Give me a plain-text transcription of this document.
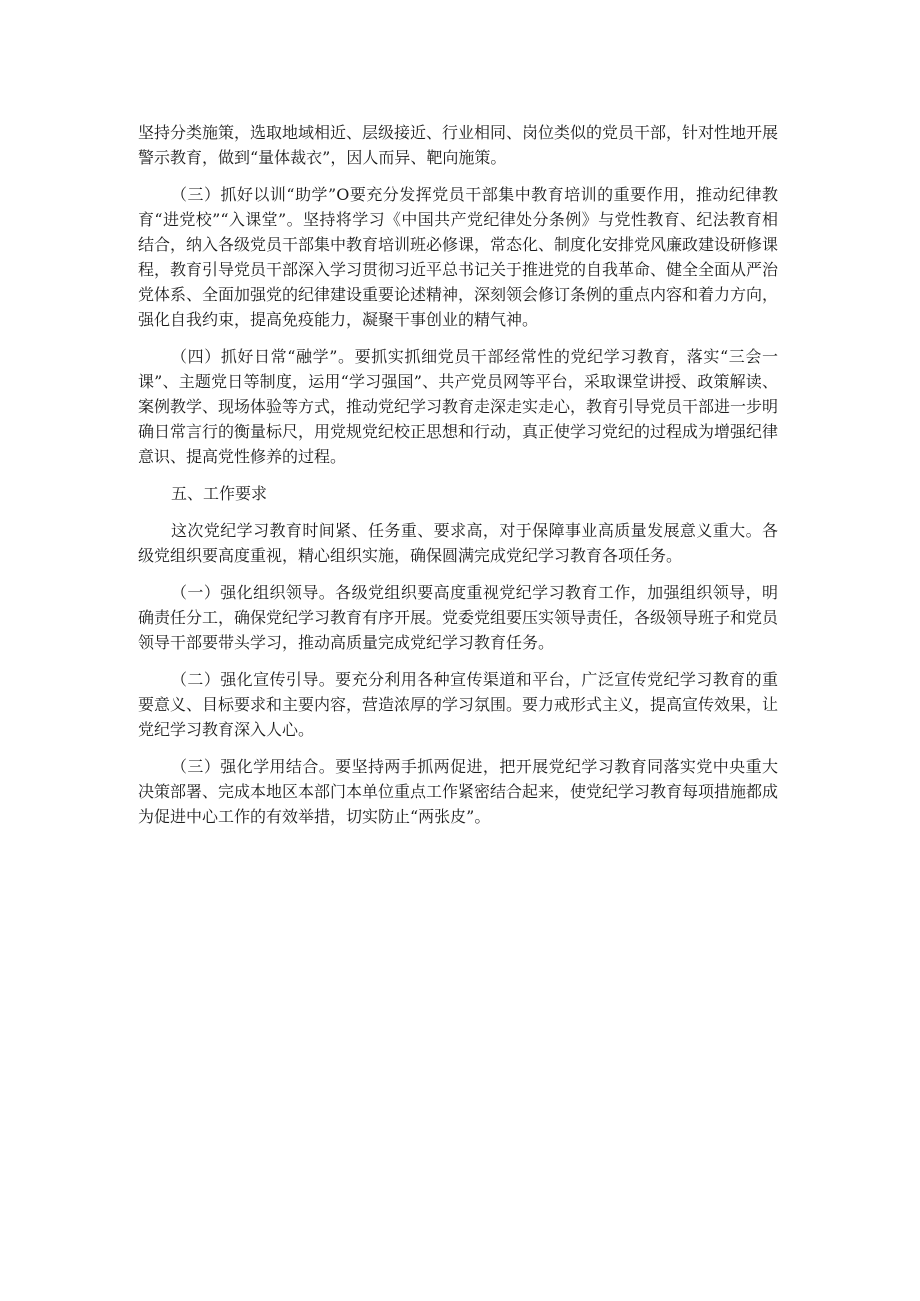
坚持分类施策，选取地域相近、层级接近、行业相同、岗位类似的党员干部，针对性地开展警示教育，做到“量体裁衣”，因人而异、靶向施策。

（三）抓好以训“助学”O要充分发挥党员干部集中教育培训的重要作用，推动纪律教育“进党校”“入课堂”。坚持将学习《中国共产党纪律处分条例》与党性教育、纪法教育相结合，纳入各级党员干部集中教育培训班必修课，常态化、制度化安排党风廉政建设研修课程，教育引导党员干部深入学习贯彻习近平总书记关于推进党的自我革命、健全全面从严治党体系、全面加强党的纪律建设重要论述精神，深刻领会修订条例的重点内容和着力方向，强化自我约束，提高免疫能力，凝聚干事创业的精气神。

（四）抓好日常“融学”。要抓实抓细党员干部经常性的党纪学习教育，落实“三会一课”、主题党日等制度，运用“学习强国”、共产党员网等平台，采取课堂讲授、政策解读、案例教学、现场体验等方式，推动党纪学习教育走深走实走心，教育引导党员干部进一步明确日常言行的衡量标尺，用党规党纪校正思想和行动，真正使学习党纪的过程成为增强纪律意识、提高党性修养的过程。

五、工作要求

这次党纪学习教育时间紧、任务重、要求高，对于保障事业高质量发展意义重大。各级党组织要高度重视，精心组织实施，确保圆满完成党纪学习教育各项任务。

（一）强化组织领导。各级党组织要高度重视党纪学习教育工作，加强组织领导，明确责任分工，确保党纪学习教育有序开展。党委党组要压实领导责任，各级领导班子和党员领导干部要带头学习，推动高质量完成党纪学习教育任务。

（二）强化宣传引导。要充分利用各种宣传渠道和平台，广泛宣传党纪学习教育的重要意义、目标要求和主要内容，营造浓厚的学习氛围。要力戒形式主义，提高宣传效果，让党纪学习教育深入人心。

（三）强化学用结合。要坚持两手抓两促进，把开展党纪学习教育同落实党中央重大决策部署、完成本地区本部门本单位重点工作紧密结合起来，使党纪学习教育每项措施都成为促进中心工作的有效举措，切实防止“两张皮”。
